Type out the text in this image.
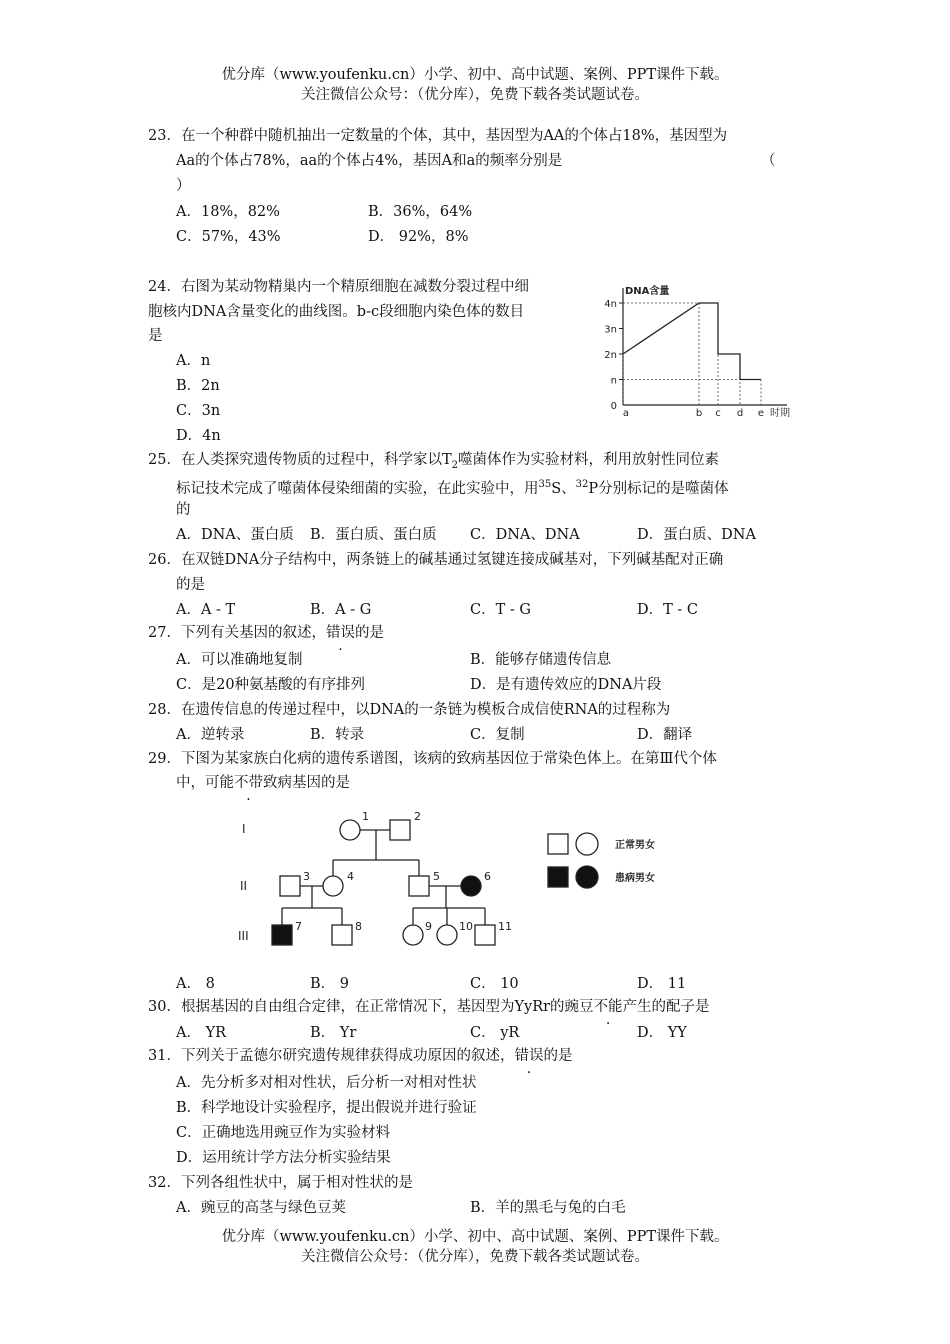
优分库（www.youfenku.cn）小学、初中、高中试题、案例、PPT课件下载。
关注微信公众号：（优分库），免费下载各类试题试卷。
23．在一个种群中随机抽出一定数量的个体，其中，基因型为AA的个体占18%，基因型为
Aa的个体占78%，aa的个体占4%，基因A和a的频率分别是	（
）
A．18%，82%	B．36%，64%
C．57%，43%	D． 92%，8%
24．右图为某动物精巢内一个精原细胞在减数分裂过程中细
胞核内DNA含量变化的曲线图。b-c段细胞内染色体的数目
是
A．n
B．2n
C．3n
D．4n
4n
3n
2n
n
0
a	b c d e
DNA含量
时期
25．在人类探究遗传物质的过程中，科学家以$T_2$噬菌体作为实验材料，利用放射性同位素
标记技术完成了噬菌体侵染细菌的实验，在此实验中，用$^{35}$S、$^{32}$P分别标记的是噬菌体
的
A．DNA、蛋白质 B．蛋白质、蛋白质 C．DNA、DNA	D．蛋白质、DNA
26．在双链DNA分子结构中，两条链上的碱基通过氢键连接成碱基对，下列碱基配对正确
的是
A．A - T	B．A - G	C．T - G	D．T - C
27．下列有关基因的叙述，错误的是
A．可以准确地复制	B．能够存储遗传信息
C．是20种氨基酸的有序排列	D．是有遗传效应的DNA片段
28．在遗传信息的传递过程中，以DNA的一条链为模板合成信使RNA的过程称为
A．逆转录	B．转录	C．复制	D．翻译
29．下图为某家族白化病的遗传系谱图，该病的致病基因位于常染色体上。在第Ⅲ代个体
中，可能不带致病基因的是
I
II
III
1	2
3	4	5	6
7	8	9 10 11
正常男女
患病男女
A． 8	B． 9	C． 10	D． 11
30．根据基因的自由组合定律，在正常情况下，基因型为YyRr的豌豆不能产生的配子是
A． YR	B． Yr	C． yR	D． YY
31．下列关于孟德尔研究遗传规律获得成功原因的叙述，错误的是
A．先分析多对相对性状，后分析一对相对性状
B．科学地设计实验程序，提出假说并进行验证
C．正确地选用豌豆作为实验材料
D．运用统计学方法分析实验结果
32．下列各组性状中，属于相对性状的是
A．豌豆的高茎与绿色豆荚	B．羊的黑毛与兔的白毛
优分库（www.youfenku.cn）小学、初中、高中试题、案例、PPT课件下载。
关注微信公众号：（优分库），免费下载各类试题试卷。
